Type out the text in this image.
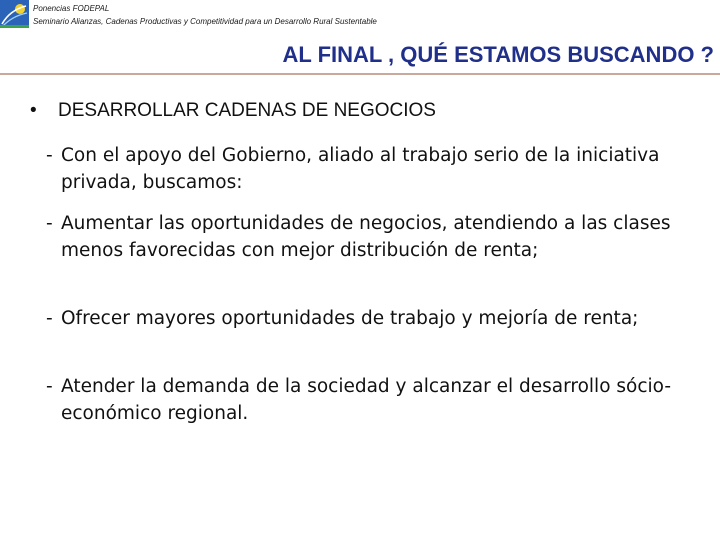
Ponencias FODEPAL
Seminario Alianzas, Cadenas Productivas y Competitividad para un Desarrollo Rural Sustentable
AL FINAL , QUÉ ESTAMOS BUSCANDO ?
• DESARROLLAR CADENAS DE NEGOCIOS
- Con el apoyo del Gobierno, aliado al trabajo serio de la iniciativa privada, buscamos:
- Aumentar las oportunidades de negocios, atendiendo a las clases menos favorecidas con mejor distribución de renta;
- Ofrecer mayores oportunidades de trabajo y mejoría de renta;
- Atender la demanda de la sociedad y alcanzar el desarrollo sócio-económico regional.
